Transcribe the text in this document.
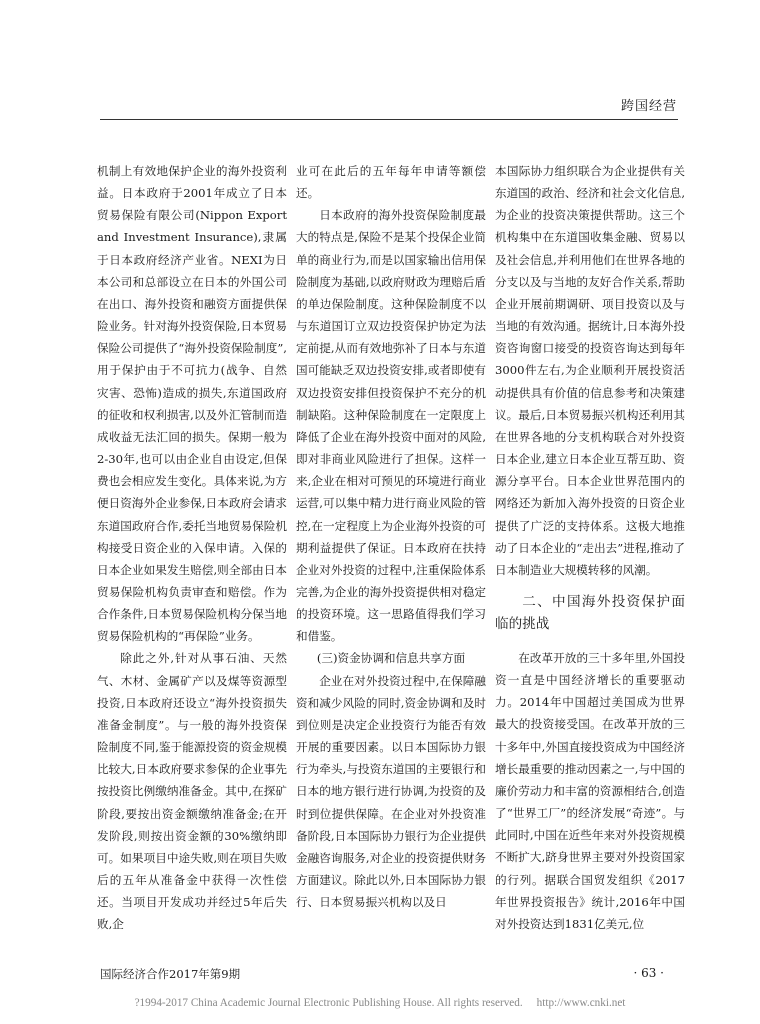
跨国经营

机制上有效地保护企业的海外投资利益。日本政府于2001年成立了日本贸易保险有限公司(Nippon Export and Investment Insurance),隶属于日本政府经济产业省。NEXI为日本公司和总部设立在日本的外国公司在出口、海外投资和融资方面提供保险业务。针对海外投资保险,日本贸易保险公司提供了“海外投资保险制度”,用于保护由于不可抗力(战争、自然灾害、恐怖)造成的损失,东道国政府的征收和权利损害,以及外汇管制而造成收益无法汇回的损失。保期一般为2-30年,也可以由企业自由设定,但保费也会相应发生变化。具体来说,为方便日资海外企业参保,日本政府会请求东道国政府合作,委托当地贸易保险机构接受日资企业的入保申请。入保的日本企业如果发生赔偿,则全部由日本贸易保险机构负责审查和赔偿。作为合作条件,日本贸易保险机构分保当地贸易保险机构的“再保险”业务。

除此之外,针对从事石油、天然气、木材、金属矿产以及煤等资源型投资,日本政府还设立“海外投资损失准备金制度”。与一般的海外投资保险制度不同,鉴于能源投资的资金规模比较大,日本政府要求参保的企业事先按投资比例缴纳准备金。其中,在探矿阶段,要按出资金额缴纳准备金;在开发阶段,则按出资金额的30%缴纳即可。如果项目中途失败,则在项目失败后的五年从准备金中获得一次性偿还。当项目开发成功并经过5年后失败,企

业可在此后的五年每年申请等额偿还。

日本政府的海外投资保险制度最大的特点是,保险不是某个投保企业简单的商业行为,而是以国家输出信用保险制度为基础,以政府财政为理赔后盾的单边保险制度。这种保险制度不以与东道国订立双边投资保护协定为法定前提,从而有效地弥补了日本与东道国可能缺乏双边投资安排,或者即使有双边投资安排但投资保护不充分的机制缺陷。这种保险制度在一定限度上降低了企业在海外投资中面对的风险,即对非商业风险进行了担保。这样一来,企业在相对可预见的环境进行商业运营,可以集中精力进行商业风险的管控,在一定程度上为企业海外投资的可期利益提供了保证。日本政府在扶持企业对外投资的过程中,注重保险体系完善,为企业的海外投资提供相对稳定的投资环境。这一思路值得我们学习和借鉴。

(三)资金协调和信息共享方面

企业在对外投资过程中,在保障融资和减少风险的同时,资金协调和及时到位则是决定企业投资行为能否有效开展的重要因素。以日本国际协力银行为牵头,与投资东道国的主要银行和日本的地方银行进行协调,为投资的及时到位提供保障。在企业对外投资准备阶段,日本国际协力银行为企业提供金融咨询服务,对企业的投资提供财务方面建议。除此以外,日本国际协力银行、日本贸易振兴机构以及日

本国际协力组织联合为企业提供有关东道国的政治、经济和社会文化信息,为企业的投资决策提供帮助。这三个机构集中在东道国收集金融、贸易以及社会信息,并利用他们在世界各地的分支以及与当地的友好合作关系,帮助企业开展前期调研、项目投资以及与当地的有效沟通。据统计,日本海外投资咨询窗口接受的投资咨询达到每年3000件左右,为企业顺利开展投资活动提供具有价值的信息参考和决策建议。最后,日本贸易振兴机构还利用其在世界各地的分支机构联合对外投资日本企业,建立日本企业互帮互助、资源分享平台。日本企业世界范围内的网络还为新加入海外投资的日资企业提供了广泛的支持体系。这极大地推动了日本企业的“走出去”进程,推动了日本制造业大规模转移的风潮。

二、中国海外投资保护面临的挑战

在改革开放的三十多年里,外国投资一直是中国经济增长的重要驱动力。2014年中国超过美国成为世界最大的投资接受国。在改革开放的三十多年中,外国直接投资成为中国经济增长最重要的推动因素之一,与中国的廉价劳动力和丰富的资源相结合,创造了“世界工厂”的经济发展“奇迹”。与此同时,中国在近些年来对外投资规模不断扩大,跻身世界主要对外投资国家的行列。据联合国贸发组织《2017年世界投资报告》统计,2016年中国对外投资达到1831亿美元,位

国际经济合作2017年第9期	· 63 ·
?1994-2017 China Academic Journal Electronic Publishing House. All rights reserved. http://www.cnki.net
